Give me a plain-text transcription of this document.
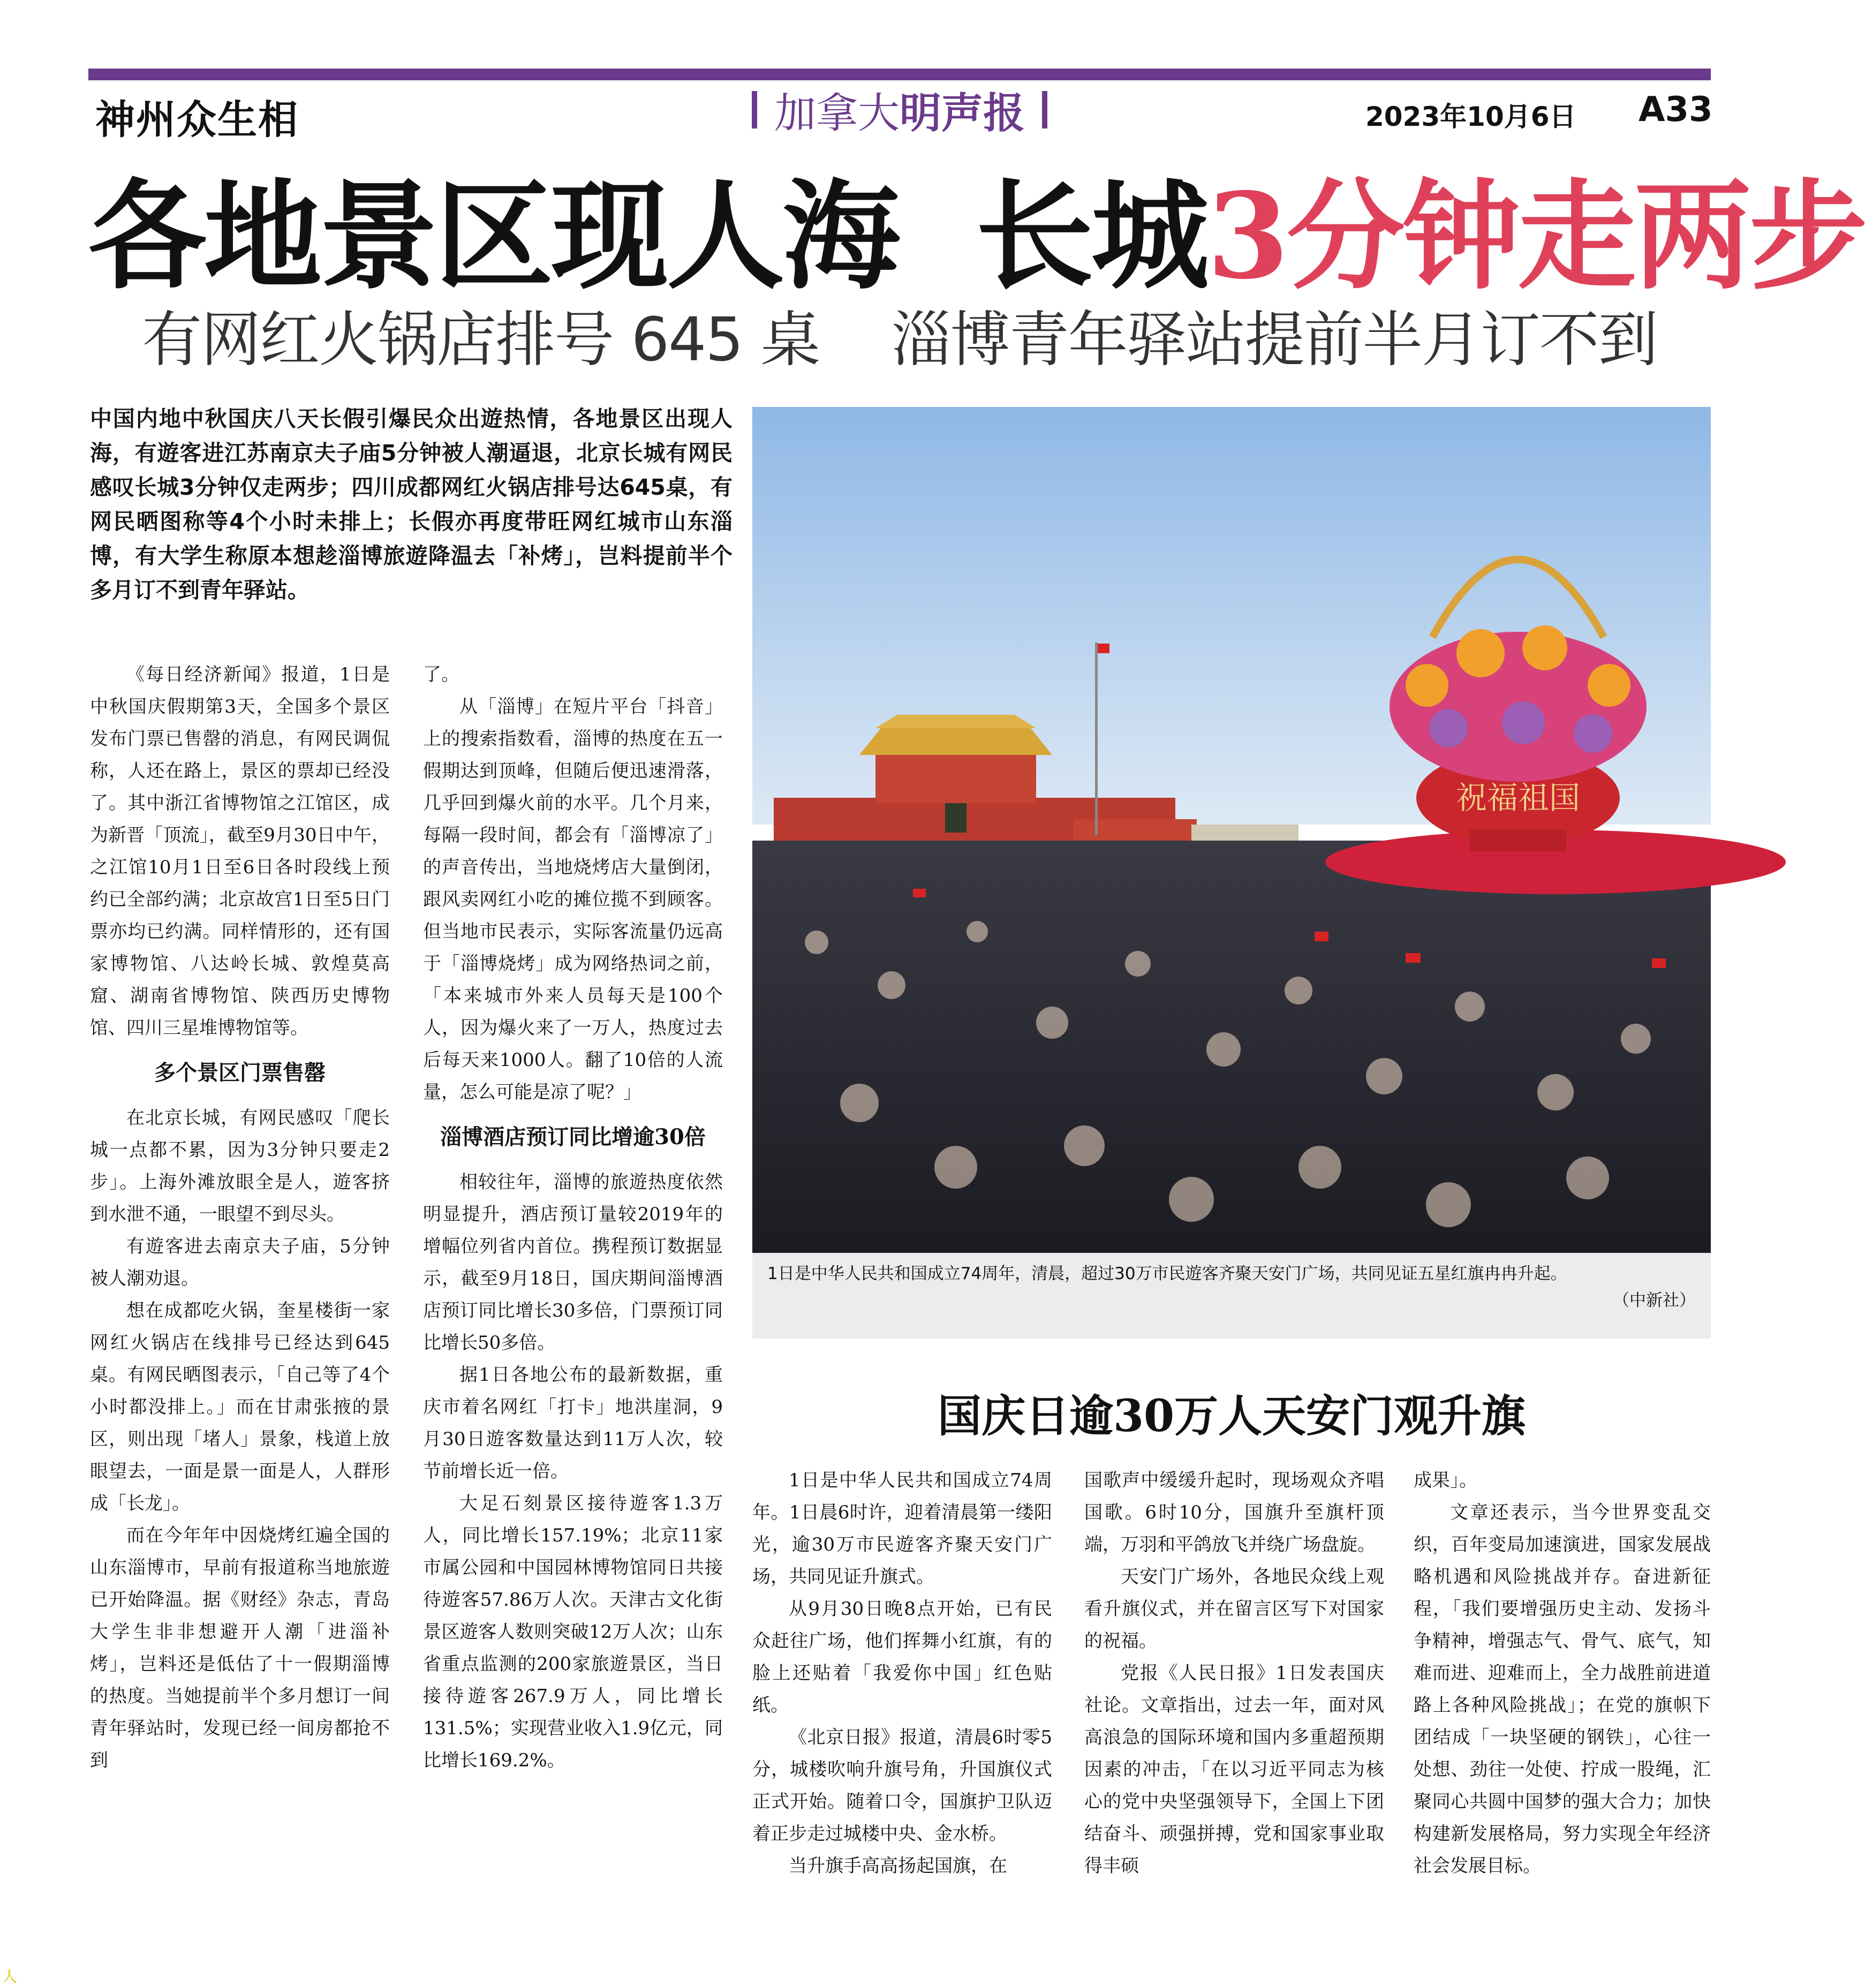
神州众生相	加拿大 明声报	2023年10月6日 A33
各地景区现人海  长城3分钟走两步
有网红火锅店排号 645 桌    淄博青年驿站提前半月订不到
中国内地中秋国庆八天长假引爆民众出遊热情，各地景区出现人海，有遊客进江苏南京夫子庙5分钟被人潮逼退，北京长城有网民感叹长城3分钟仅走两步；四川成都网红火锅店排号达645桌，有网民晒图称等4个小时未排上；长假亦再度带旺网红城市山东淄博，有大学生称原本想趁淄博旅遊降温去「补烤」，岂料提前半个多月订不到青年驿站。
祝福祖国
1日是中华人民共和国成立74周年，清晨，超过30万市民遊客齐聚天安门广场，共同见证五星红旗冉冉升起。
（中新社）

《每日经济新闻》报道，1日是中秋国庆假期第3天，全国多个景区发布门票已售罄的消息，有网民调侃称，人还在路上，景区的票却已经没了。其中浙江省博物馆之江馆区，成为新晋「顶流」，截至9月30日中午，之江馆10月1日至6日各时段线上预约已全部约满；北京故宫1日至5日门票亦均已约满。同样情形的，还有国家博物馆、八达岭长城、敦煌莫高窟、湖南省博物馆、陕西历史博物馆、四川三星堆博物馆等。

多个景区门票售罄

在北京长城，有网民感叹「爬长城一点都不累，因为3分钟只要走2步」。上海外滩放眼全是人，遊客挤到水泄不通，一眼望不到尽头。

有遊客进去南京夫子庙，5分钟被人潮劝退。

想在成都吃火锅，奎星楼街一家网红火锅店在线排号已经达到645桌。有网民晒图表示，「自己等了4个小时都没排上。」而在甘肃张掖的景区，则出现「堵人」景象，栈道上放眼望去，一面是景一面是人，人群形成「长龙」。

而在今年年中因烧烤红遍全国的山东淄博市，早前有报道称当地旅遊已开始降温。据《财经》杂志，青岛大学生非非想避开人潮「进淄补烤」，岂料还是低估了十一假期淄博的热度。当她提前半个多月想订一间青年驿站时，发现已经一间房都抢不到

了。

从「淄博」在短片平台「抖音」上的搜索指数看，淄博的热度在五一假期达到顶峰，但随后便迅速滑落，几乎回到爆火前的水平。几个月来，每隔一段时间，都会有「淄博凉了」的声音传出，当地烧烤店大量倒闭，跟风卖网红小吃的摊位揽不到顾客。但当地市民表示，实际客流量仍远高于「淄博烧烤」成为网络热词之前，「本来城市外来人员每天是100个人，因为爆火来了一万人，热度过去后每天来1000人。翻了10倍的人流量，怎么可能是凉了呢？」

淄博酒店预订同比增逾30倍

相较往年，淄博的旅遊热度依然明显提升，酒店预订量较2019年的增幅位列省内首位。携程预订数据显示，截至9月18日，国庆期间淄博酒店预订同比增长30多倍，门票预订同比增长50多倍。

据1日各地公布的最新数据，重庆市着名网红「打卡」地洪崖洞，9月30日遊客数量达到11万人次，较节前增长近一倍。

大足石刻景区接待遊客1.3万人，同比增长157.19%；北京11家市属公园和中国园林博物馆同日共接待遊客57.86万人次。天津古文化街景区遊客人数则突破12万人次；山东省重点监测的200家旅遊景区，当日接待遊客267.9万人，同比增长131.5%；实现营业收入1.9亿元，同比增长169.2%。

国庆日逾30万人天安门观升旗

1日是中华人民共和国成立74周年。1日晨6时许，迎着清晨第一缕阳光，逾30万市民遊客齐聚天安门广场，共同见证升旗式。

从9月30日晚8点开始，已有民众赶往广场，他们挥舞小红旗，有的脸上还贴着「我爱你中国」红色贴纸。

《北京日报》报道，清晨6时零5分，城楼吹响升旗号角，升国旗仪式正式开始。随着口令，国旗护卫队迈着正步走过城楼中央、金水桥。

当升旗手高高扬起国旗，在

国歌声中缓缓升起时，现场观众齐唱国歌。6时10分，国旗升至旗杆顶端，万羽和平鸽放飞并绕广场盘旋。

天安门广场外，各地民众线上观看升旗仪式，并在留言区写下对国家的祝福。

党报《人民日报》1日发表国庆社论。文章指出，过去一年，面对风高浪急的国际环境和国内多重超预期因素的冲击，「在以习近平同志为核心的党中央坚强领导下，全国上下团结奋斗、顽强拼搏，党和国家事业取得丰硕

成果」。

文章还表示，当今世界变乱交织，百年变局加速演进，国家发展战略机遇和风险挑战并存。奋进新征程，「我们要增强历史主动、发扬斗争精神，增强志气、骨气、底气，知难而进、迎难而上，全力战胜前进道路上各种风险挑战」；在党的旗帜下团结成「一块坚硬的钢铁」，心往一处想、劲往一处使、拧成一股绳，汇聚同心共圆中国梦的强大合力；加快构建新发展格局，努力实现全年经济社会发展目标。

人
